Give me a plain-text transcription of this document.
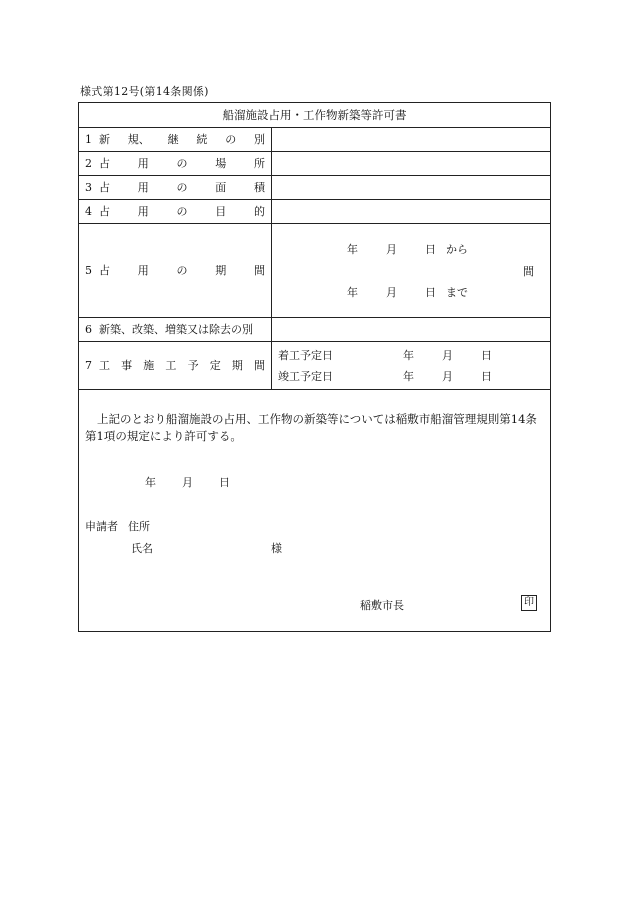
様式第12号(第14条関係)
船溜施設占用・工作物新築等許可書
1 新 規、 継 続 の 別
2 占	用	の	場	所
3 占	用	の	面	積
4 占	用	の	目	的
5 占	用	の	期	間
年	月	日 から
間
年	月	日 まで
6 新築、改築、増築又は除去の別
7 工 事 施 工 予 定 期 間
着工予定日	年	月	日
竣工予定日	年	月	日
上記のとおり船溜施設の占用、工作物の新築等については稲敷市船溜管理規則第14条第1項の規定により許可する。
年 月 日
申請者 住所
氏名	様
稲敷市長	印
